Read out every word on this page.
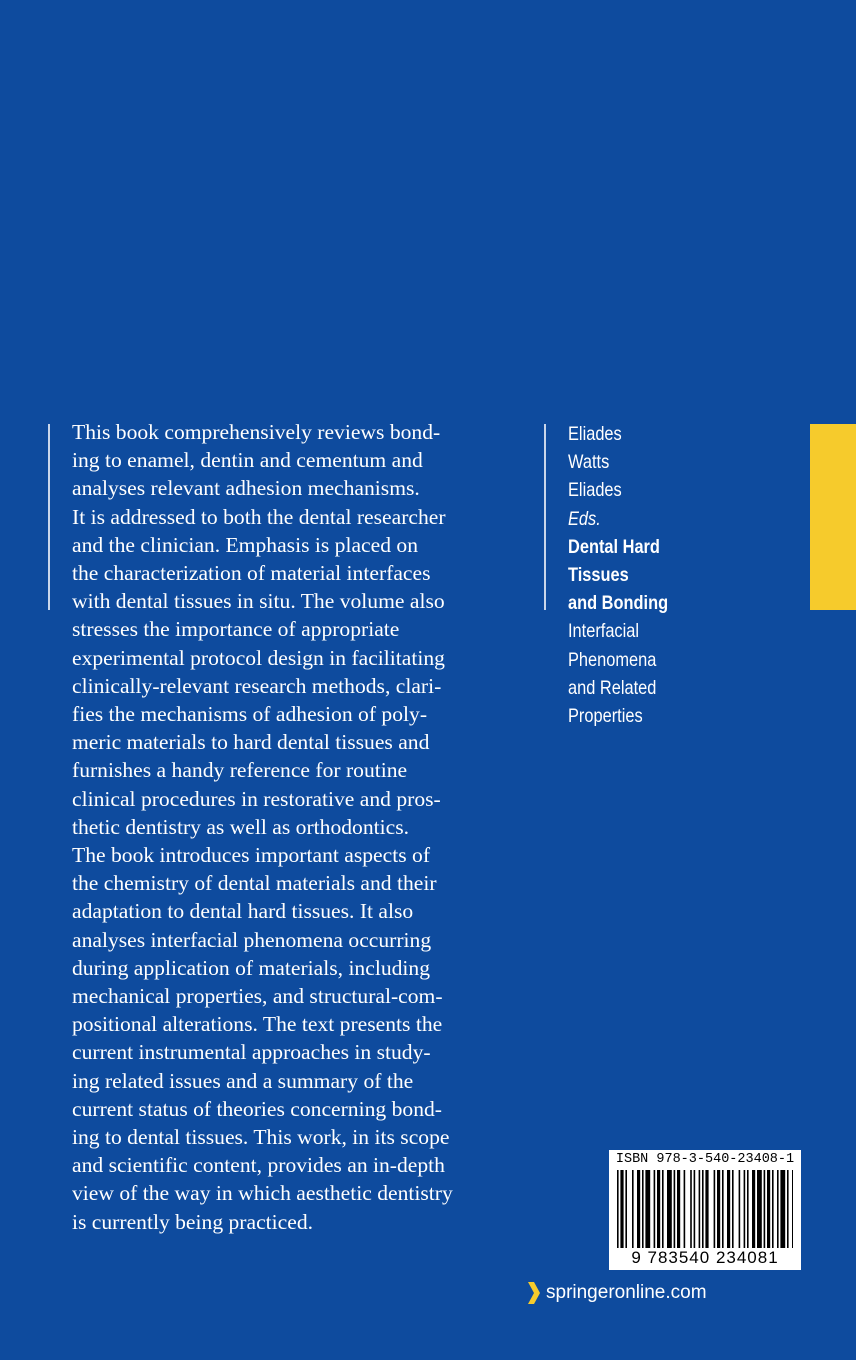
This book comprehensively reviews bond-
ing to enamel, dentin and cementum and
analyses relevant adhesion mechanisms.
It is addressed to both the dental researcher
and the clinician. Emphasis is placed on
the characterization of material interfaces
with dental tissues in situ. The volume also
stresses the importance of appropriate
experimental protocol design in facilitating
clinically-relevant research methods, clari-
fies the mechanisms of adhesion of poly-
meric materials to hard dental tissues and
furnishes a handy reference for routine
clinical procedures in restorative and pros-
thetic dentistry as well as orthodontics.
The book introduces important aspects of
the chemistry of dental materials and their
adaptation to dental hard tissues. It also
analyses interfacial phenomena occurring
during application of materials, including
mechanical properties, and structural-com-
positional alterations. The text presents the
current instrumental approaches in study-
ing related issues and a summary of the
current status of theories concerning bond-
ing to dental tissues. This work, in its scope
and scientific content, provides an in-depth
view of the way in which aesthetic dentistry
is currently being practiced.

Eliades
Watts
Eliades
Eds.
Dental Hard
Tissues
and Bonding
Interfacial
Phenomena
and Related
Properties
ISBN 978-3-540-23408-1
9 783540 234081
springeronline.com
